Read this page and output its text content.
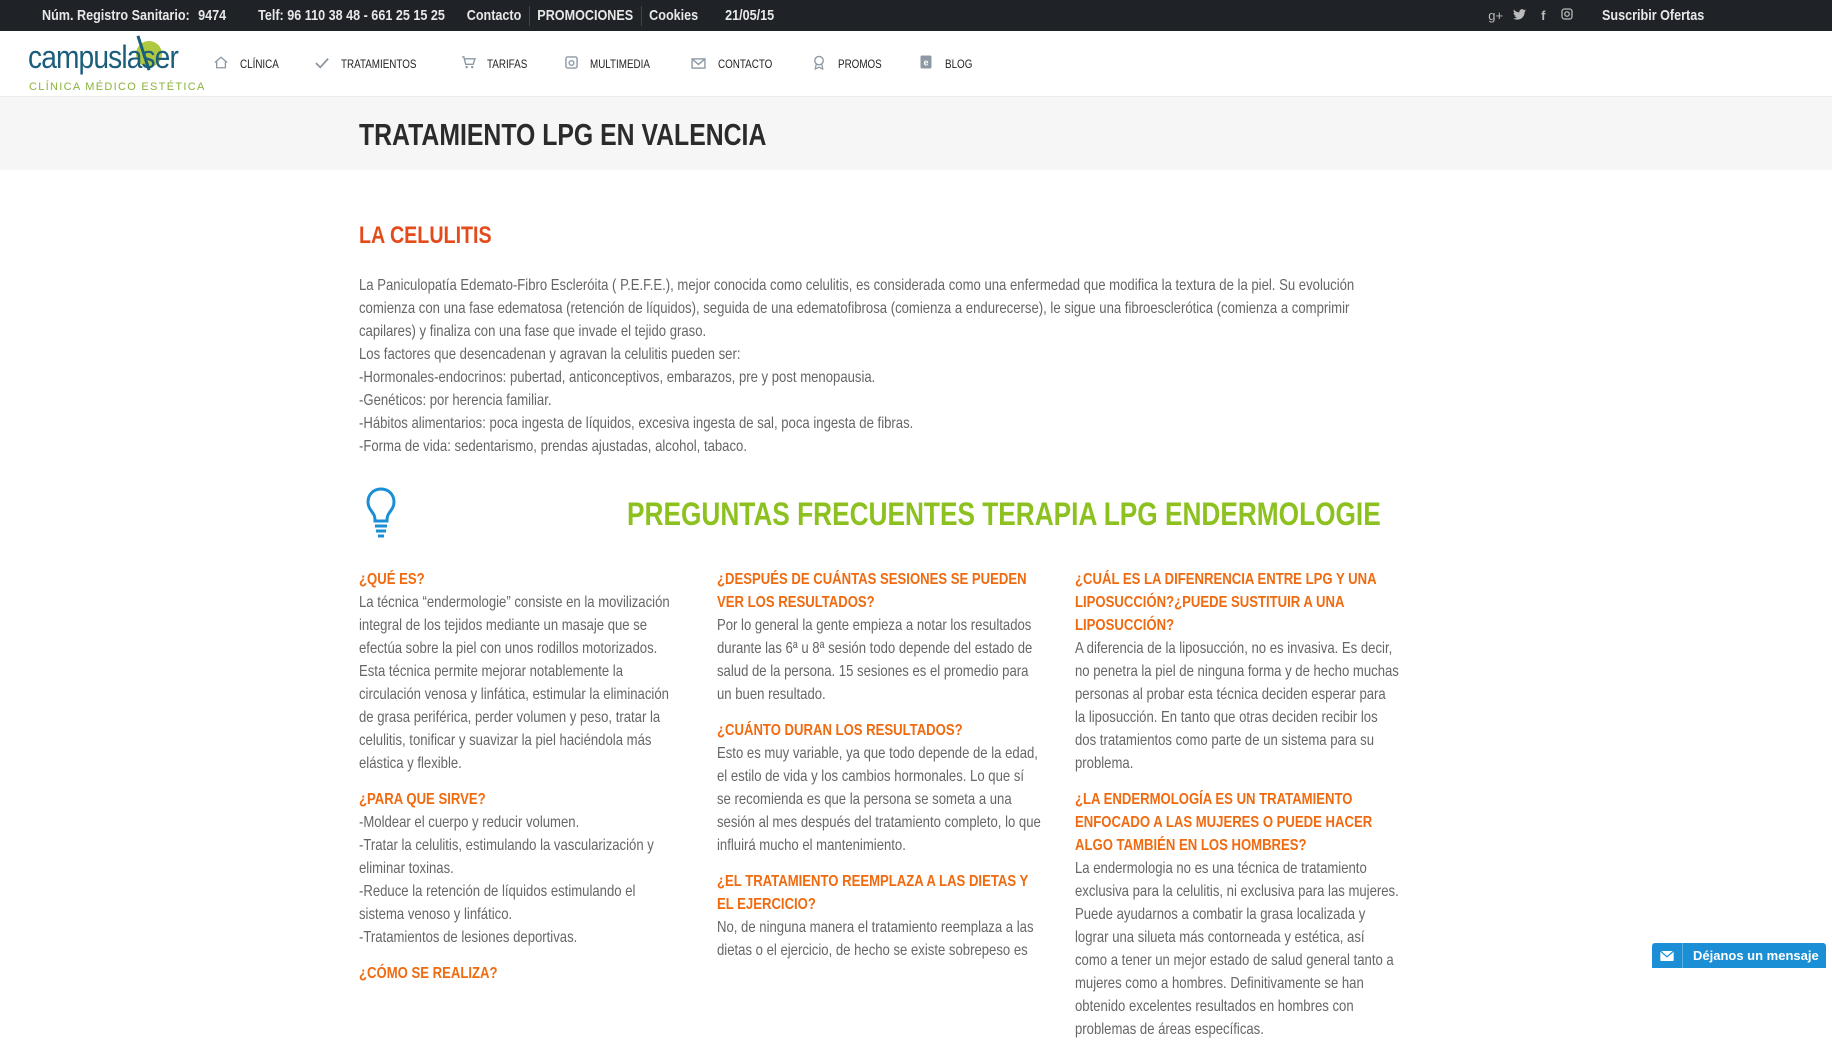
Núm. Registro Sanitario: 9474 Telf: 96 110 38 48 - 661 25 15 25 Contacto PROMOCIONES Cookies 21/05/15	g+	f	Suscribir Ofertas
campuslaser
CLÍNICA MÉDICO ESTÉTICA
CLÍNICA	TRATAMIENTOS	TARIFAS	MULTIMEDIA	CONTACTO	PROMOS	e BLOG
TRATAMIENTO LPG EN VALENCIA
LA CELULITIS

La Paniculopatía Edemato-Fibro Escleróita ( P.E.F.E.), mejor conocida como celulitis, es considerada como una enfermedad que modifica la textura de la piel. Su evolución comienza con una fase edematosa (retención de líquidos), seguida de una edematofibrosa (comienza a endurecerse), le sigue una fibroesclerótica (comienza a comprimir capilares) y finaliza con una fase que invade el tejido graso.

Los factores que desencadenan y agravan la celulitis pueden ser:

-Hormonales-endocrinos: pubertad, anticonceptivos, embarazos, pre y post menopausia.

-Genéticos: por herencia familiar.

-Hábitos alimentarios: poca ingesta de líquidos, excesiva ingesta de sal, poca ingesta de fibras.

-Forma de vida: sedentarismo, prendas ajustadas, alcohol, tabaco.

PREGUNTAS FRECUENTES TERAPIA LPG ENDERMOLOGIE

¿QUÉ ES?

La técnica “endermologie” consiste en la movilización integral de los tejidos mediante un masaje que se efectúa sobre la piel con unos rodillos motorizados. Esta técnica permite mejorar notablemente la circulación venosa y linfática, estimular la eliminación de grasa periférica, perder volumen y peso, tratar la celulitis, tonificar y suavizar la piel haciéndola más elástica y flexible.

¿PARA QUE SIRVE?

-Moldear el cuerpo y reducir volumen.
-Tratar la celulitis, estimulando la vascularización y eliminar toxinas.
-Reduce la retención de líquidos estimulando el sistema venoso y linfático.
-Tratamientos de lesiones deportivas.

¿CÓMO SE REALIZA?

¿DESPUÉS DE CUÁNTAS SESIONES SE PUEDEN VER LOS RESULTADOS?

Por lo general la gente empieza a notar los resultados durante las 6ª u 8ª sesión todo depende del estado de salud de la persona. 15 sesiones es el promedio para un buen resultado.

¿CUÁNTO DURAN LOS RESULTADOS?

Esto es muy variable, ya que todo depende de la edad, el estilo de vida y los cambios hormonales. Lo que sí se recomienda es que la persona se someta a una sesión al mes después del tratamiento completo, lo que influirá mucho el mantenimiento.

¿EL TRATAMIENTO REEMPLAZA A LAS DIETAS Y EL EJERCICIO?

No, de ninguna manera el tratamiento reemplaza a las dietas o el ejercicio, de hecho se existe sobrepeso es

¿CUÁL ES LA DIFENRENCIA ENTRE LPG Y UNA LIPOSUCCIÓN?¿PUEDE SUSTITUIR A UNA LIPOSUCCIÓN?

A diferencia de la liposucción, no es invasiva. Es decir, no penetra la piel de ninguna forma y de hecho muchas personas al probar esta técnica deciden esperar para la liposucción. En tanto que otras deciden recibir los dos tratamientos como parte de un sistema para su problema.

¿LA ENDERMOLOGÍA ES UN TRATAMIENTO ENFOCADO A LAS MUJERES O PUEDE HACER ALGO TAMBIÉN EN LOS HOMBRES?

La endermologia no es una técnica de tratamiento exclusiva para la celulitis, ni exclusiva para las mujeres. Puede ayudarnos a combatir la grasa localizada y lograr una silueta más contorneada y estética, así como a tener un mejor estado de salud general tanto a mujeres como a hombres. Definitivamente se han obtenido excelentes resultados en hombres con problemas de áreas específicas.

Déjanos un mensaje
